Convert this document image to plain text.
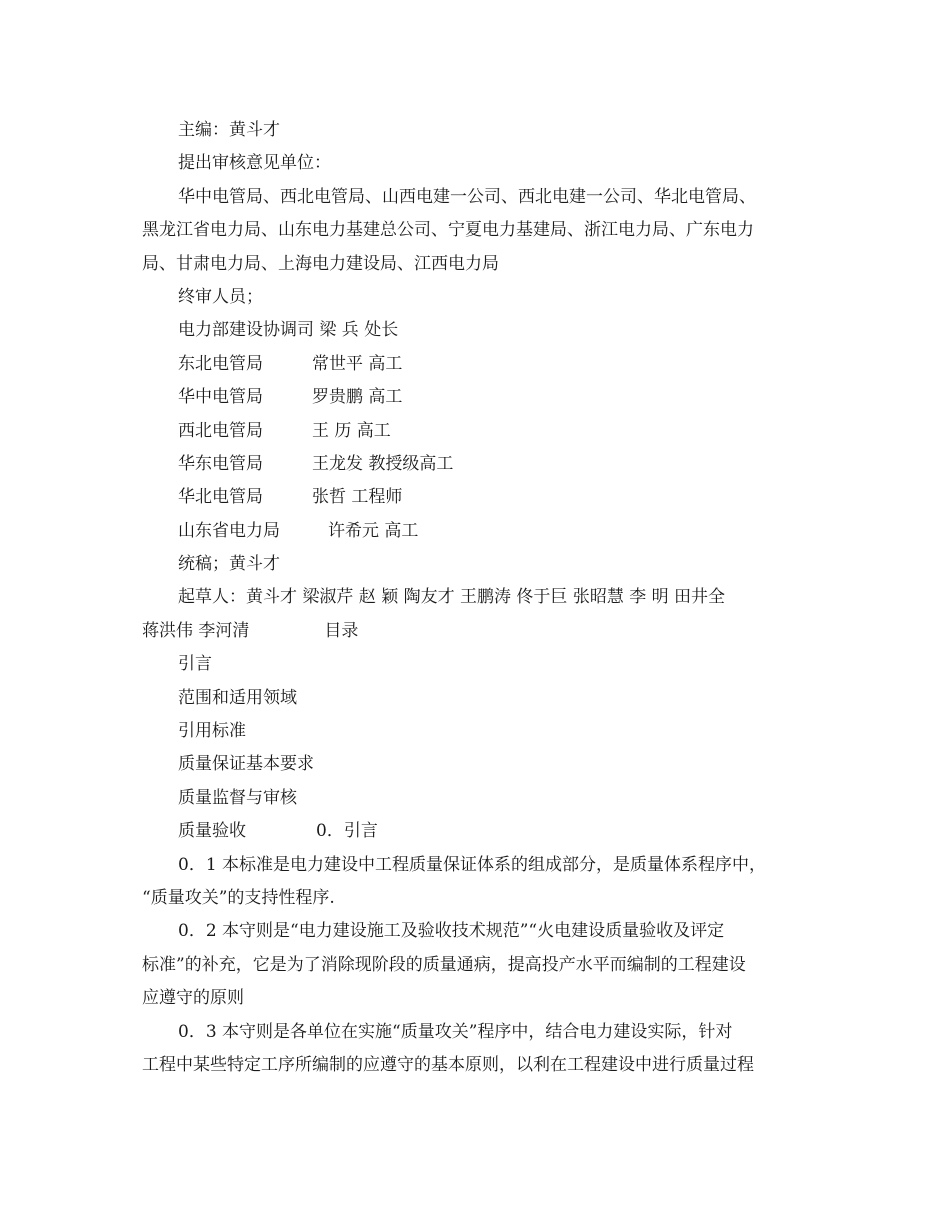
主编：黄斗才
提出审核意见单位：
华中电管局、西北电管局、山西电建一公司、西北电建一公司、华北电管局、
黑龙江省电力局、山东电力基建总公司、宁夏电力基建局、浙江电力局、广东电力
局、甘肃电力局、上海电力建设局、江西电力局
终审人员；
电力部建设协调司 梁 兵 处长
东北电管局	常世平 高工
华中电管局	罗贵鹏 高工
西北电管局	王 历 高工
华东电管局	王龙发 教授级高工
华北电管局	张哲 工程师
山东省电力局	许希元 高工
统稿；黄斗才
起草人：黄斗才 梁淑芹 赵 颖 陶友才 王鹏涛 佟于巨 张昭慧 李 明 田井全
蒋洪伟 李河清	目录
引言
范围和适用领域
引用标准
质量保证基本要求
质量监督与审核
质量验收	0．引言
0．1 本标准是电力建设中工程质量保证体系的组成部分，是质量体系程序中，
“质量攻关”的支持性程序.
0．2 本守则是“电力建设施工及验收技术规范”“火电建设质量验收及评定
标准”的补充，它是为了消除现阶段的质量通病，提高投产水平而编制的工程建设
应遵守的原则
0．3 本守则是各单位在实施“质量攻关”程序中，结合电力建设实际，针对
工程中某些特定工序所编制的应遵守的基本原则，以利在工程建设中进行质量过程
